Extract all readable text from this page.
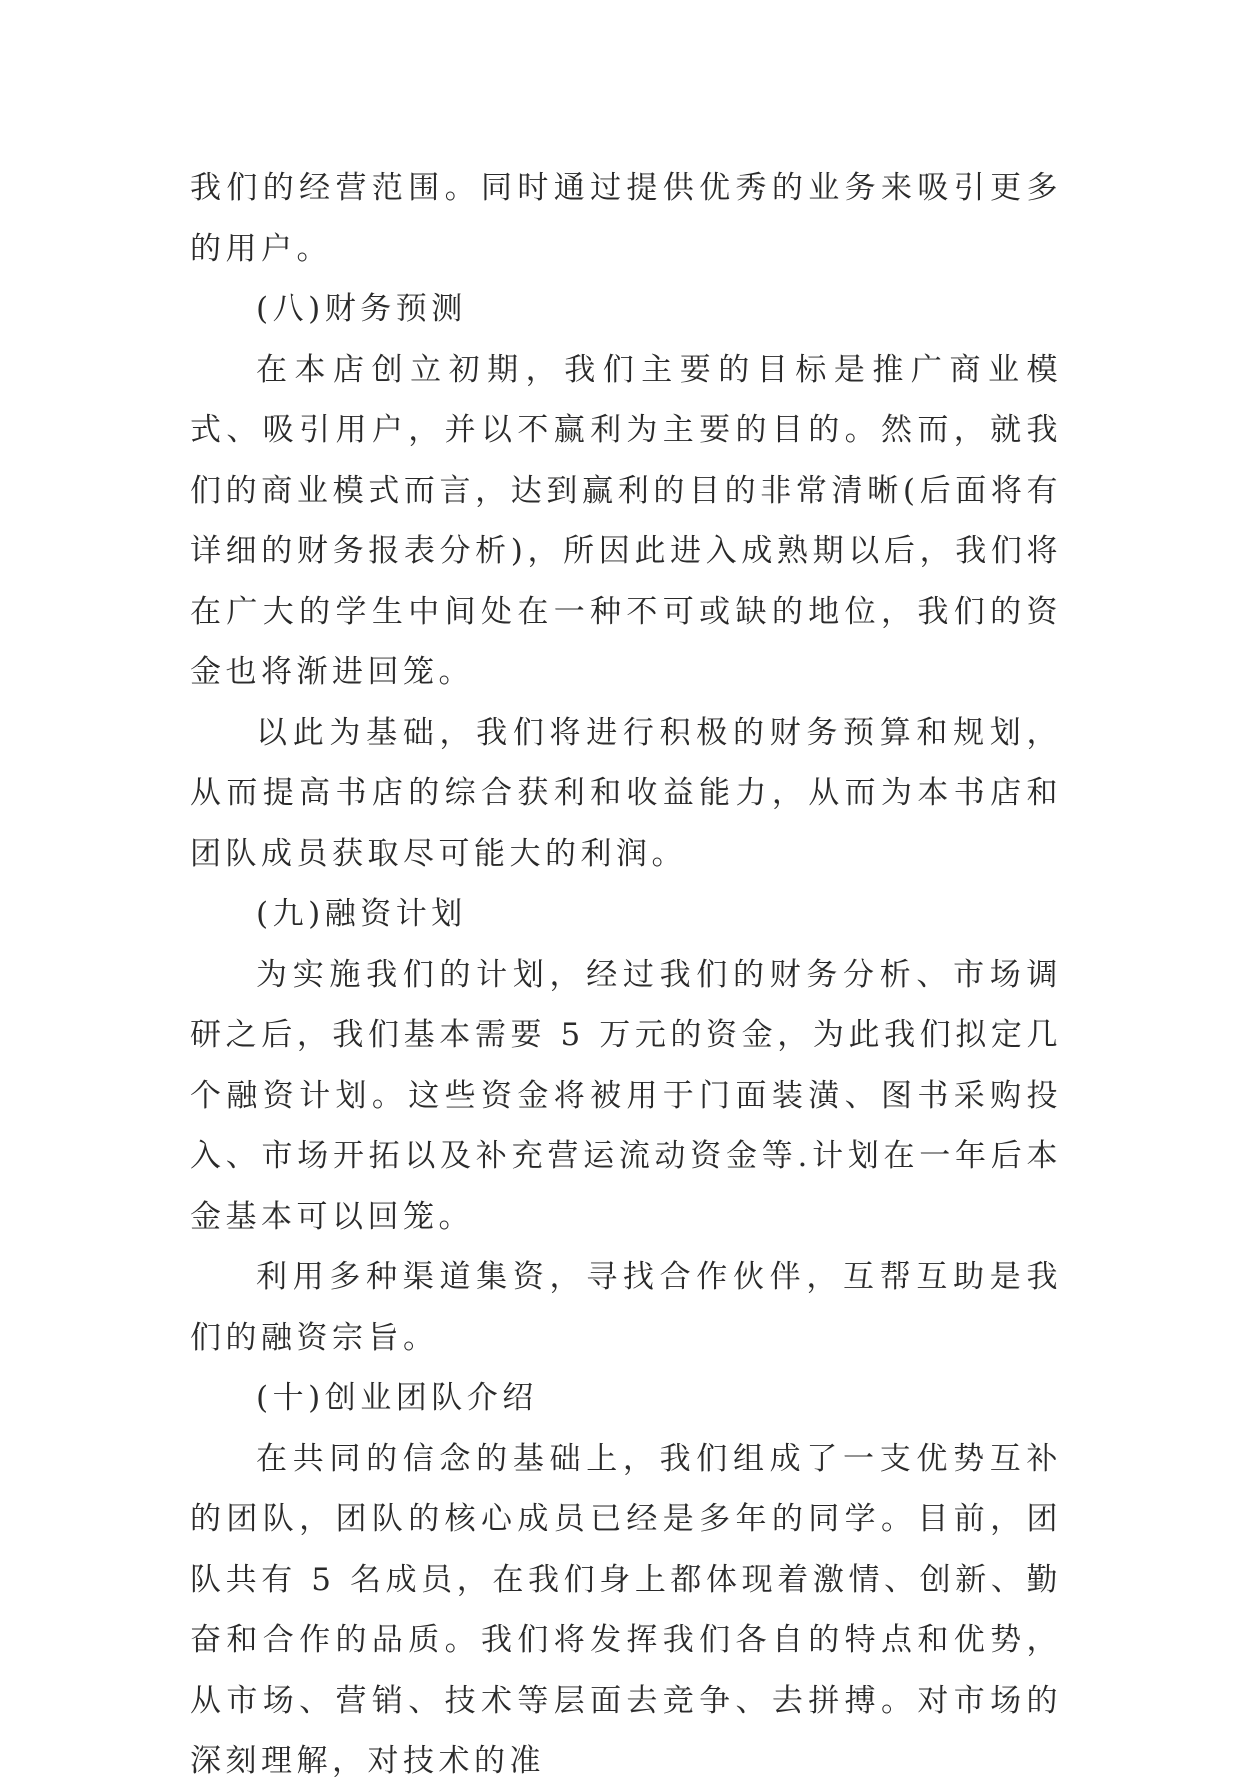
我们的经营范围。同时通过提供优秀的业务来吸引更多的用户。

(八)财务预测

在本店创立初期，我们主要的目标是推广商业模式、吸引用户，并以不赢利为主要的目的。然而，就我们的商业模式而言，达到赢利的目的非常清晰(后面将有详细的财务报表分析)，所因此进入成熟期以后，我们将在广大的学生中间处在一种不可或缺的地位，我们的资金也将渐进回笼。

以此为基础，我们将进行积极的财务预算和规划，从而提高书店的综合获利和收益能力，从而为本书店和团队成员获取尽可能大的利润。

(九)融资计划

为实施我们的计划，经过我们的财务分析、市场调研之后，我们基本需要 5 万元的资金，为此我们拟定几个融资计划。这些资金将被用于门面装潢、图书采购投入、市场开拓以及补充营运流动资金等.计划在一年后本金基本可以回笼。

利用多种渠道集资，寻找合作伙伴，互帮互助是我们的融资宗旨。

(十)创业团队介绍

在共同的信念的基础上，我们组成了一支优势互补的团队，团队的核心成员已经是多年的同学。目前，团队共有 5 名成员，在我们身上都体现着激情、创新、勤奋和合作的品质。我们将发挥我们各自的特点和优势，从市场、营销、技术等层面去竞争、去拼搏。对市场的深刻理解，对技术的准
